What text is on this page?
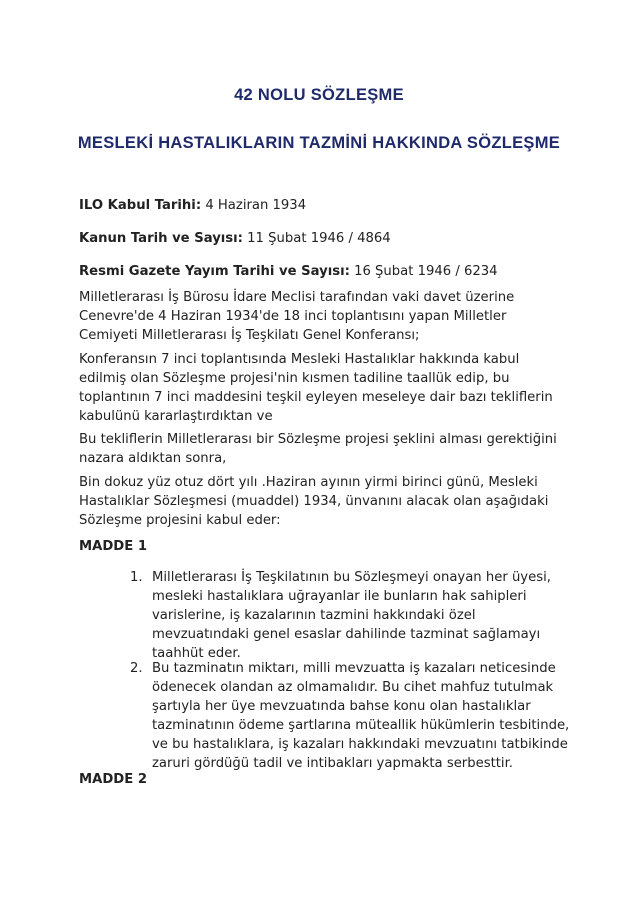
42 NOLU SÖZLEŞME
MESLEKİ HASTALIKLARIN TAZMİNİ HAKKINDA SÖZLEŞME
ILO Kabul Tarihi: 4 Haziran 1934
Kanun Tarih ve Sayısı: 11 Şubat 1946 / 4864
Resmi Gazete Yayım Tarihi ve Sayısı: 16 Şubat 1946 / 6234
Milletlerarası İş Bürosu İdare Meclisi tarafından vaki davet üzerine Cenevre'de 4 Haziran 1934'de 18 inci toplantısını yapan Milletler Cemiyeti Milletlerarası İş Teşkilatı Genel Konferansı;
Konferansın 7 inci toplantısında Mesleki Hastalıklar hakkında kabul edilmiş olan Sözleşme projesi'nin kısmen tadiline taallük edip, bu toplantının 7 inci maddesini teşkil eyleyen meseleye dair bazı tekliflerin kabulünü kararlaştırdıktan ve
Bu tekliflerin Milletlerarası bir Sözleşme projesi şeklini alması gerektiğini nazara aldıktan sonra,
Bin dokuz yüz otuz dört yılı .Haziran ayının yirmi birinci günü, Mesleki Hastalıklar Sözleşmesi (muaddel) 1934, ünvanını alacak olan aşağıdaki Sözleşme projesini kabul eder:
MADDE 1
1. Milletlerarası İş Teşkilatının bu Sözleşmeyi onayan her üyesi, mesleki hastalıklara uğrayanlar ile bunların hak sahipleri varislerine, iş kazalarının tazmini hakkındaki özel mevzuatındaki genel esaslar dahilinde tazminat sağlamayı taahhüt eder.
2. Bu tazminatın miktarı, milli mevzuatta iş kazaları neticesinde ödenecek olandan az olmamalıdır. Bu cihet mahfuz tutulmak şartıyla her üye mevzuatında bahse konu olan hastalıklar tazminatının ödeme şartlarına müteallik hükümlerin tesbitinde, ve bu hastalıklara, iş kazaları hakkındaki mevzuatını tatbikinde zaruri gördüğü tadil ve intibakları yapmakta serbesttir.
MADDE 2
